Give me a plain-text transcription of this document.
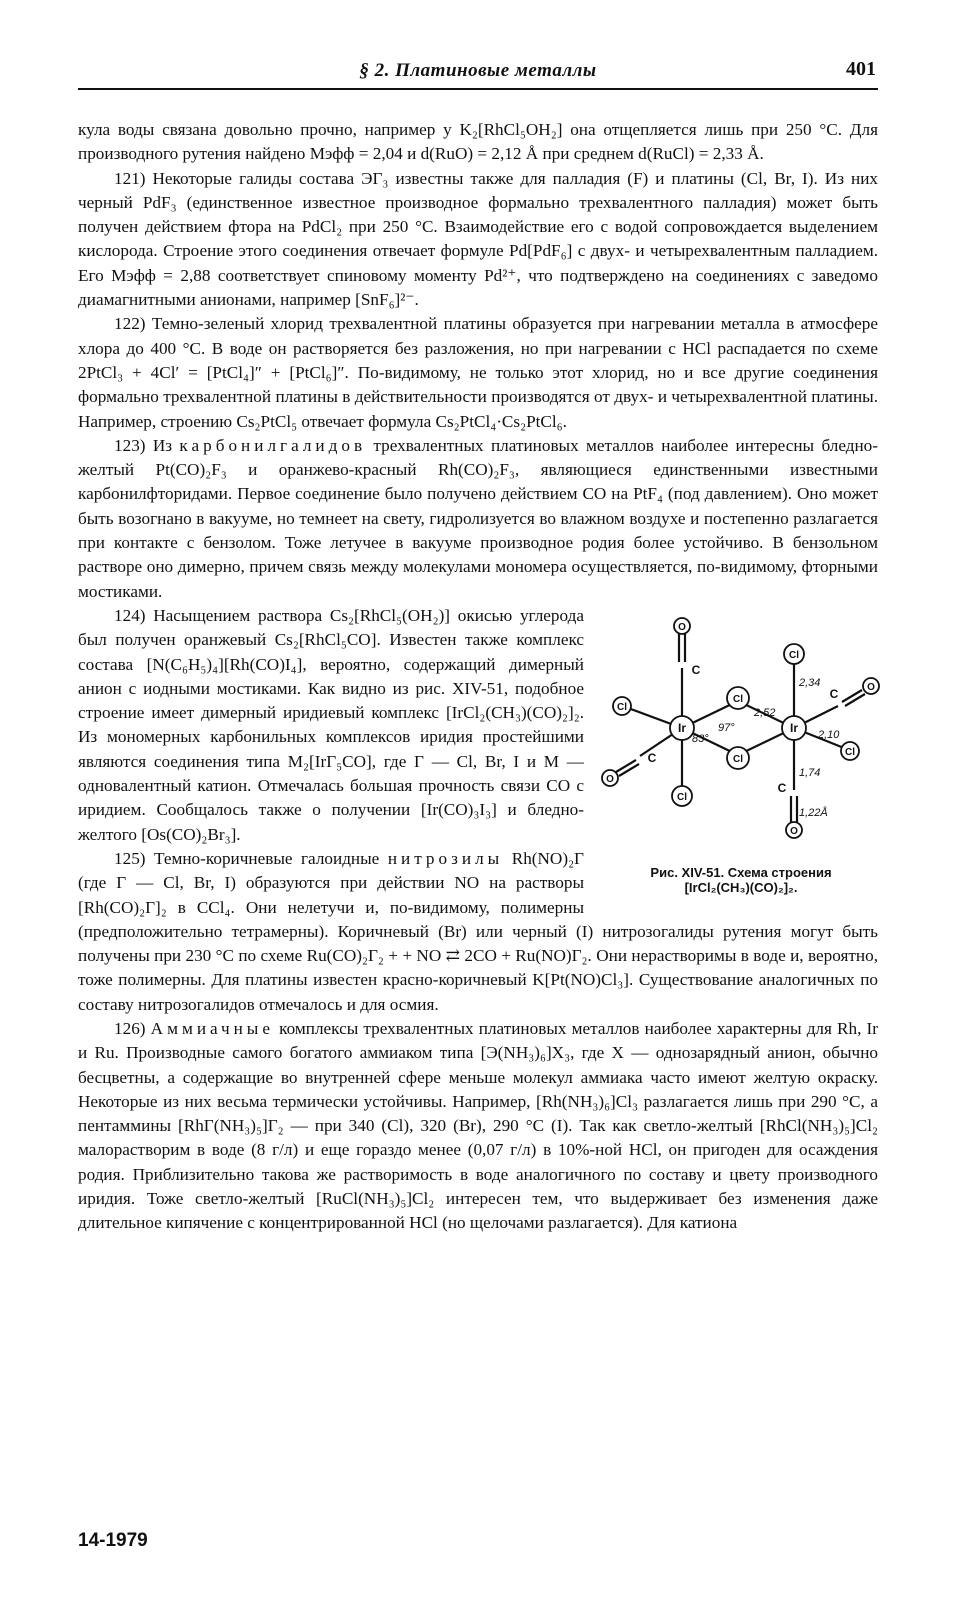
§ 2. Платиновые металлы	401

кула воды связана довольно прочно, например у K₂[RhCl₅OH₂] она отщепляется лишь при 250 °C. Для производного рутения найдено Mэфф = 2,04 и d(RuO) = 2,12 Å при среднем d(RuCl) = 2,33 Å.

121) Некоторые галиды состава ЭГ₃ известны также для палладия (F) и платины (Cl, Br, I). Из них черный PdF₃ (единственное известное производное формально трехвалентного палладия) может быть получен действием фтора на PdCl₂ при 250 °C. Взаимодействие его с водой сопровождается выделением кислорода. Строение этого соединения отвечает формуле Pd[PdF₆] с двух- и четырехвалентным палладием. Его Mэфф = 2,88 соответствует спиновому моменту Pd²⁺, что подтверждено на соединениях с заведомо диамагнитными анионами, например [SnF₆]²⁻.

122) Темно-зеленый хлорид трехвалентной платины образуется при нагревании металла в атмосфере хлора до 400 °C. В воде он растворяется без разложения, но при нагревании с HCl распадается по схеме 2PtCl₃ + 4Cl′ = [PtCl₄]″ + [PtCl₆]″. По-видимому, не только этот хлорид, но и все другие соединения формально трехвалентной платины в действительности производятся от двух- и четырехвалентной платины. Например, строению Cs₂PtCl₅ отвечает формула Cs₂PtCl₄·Cs₂PtCl₆.

123) Из карбонилгалидов трехвалентных платиновых металлов наиболее интересны бледно-желтый Pt(CO)₂F₃ и оранжево-красный Rh(CO)₂F₃, являющиеся единственными известными карбонилфторидами. Первое соединение было получено действием CO на PtF₄ (под давлением). Оно может быть возогнано в вакууме, но темнеет на свету, гидролизуется во влажном воздухе и постепенно разлагается при контакте с бензолом. Тоже летучее в вакууме производное родия более устойчиво. В бензольном растворе оно димерно, причем связь между молекулами мономера осуществляется, по-видимому, фторными мостиками.

Ir	Ir
O
Cl
Cl
O
Cl
Cl
Cl
O
Cl
O
C
C
C
C
2,52
2,34
2,10
1,74
1,22Å
83°
97°
Рис. XIV-51. Схема строения
[IrCl₂(CH₃)(CO)₂]₂.

124) Насыщением раствора Cs₂[RhCl₅(OH₂)] окисью углерода был получен оранжевый Cs₂[RhCl₅CO]. Известен также комплекс состава [N(C₆H₅)₄][Rh(CO)I₄], вероятно, содержащий димерный анион с иодными мостиками. Как видно из рис. XIV-51, подобное строение имеет димерный иридиевый комплекс [IrCl₂(CH₃)(CO)₂]₂. Из мономерных карбонильных комплексов иридия простейшими являются соединения типа M₂[IrГ₅CO], где Г — Cl, Br, I и M — одновалентный катион. Отмечалась большая прочность связи CO с иридием. Сообщалось также о получении [Ir(CO)₃I₃] и бледно-желтого [Os(CO)₂Br₃].

125) Темно-коричневые галоидные нитрозилы Rh(NO)₂Г (где Г — Cl, Br, I) образуются при действии NO на растворы [Rh(CO)₂Г]₂ в CCl₄. Они нелетучи и, по-видимому, полимерны (предположительно тетрамерны). Коричневый (Br) или черный (I) нитрозогалиды рутения могут быть получены при 230 °C по схеме Ru(CO)₂Г₂ + + NO ⇄ 2CO + Ru(NO)Г₂. Они нерастворимы в воде и, вероятно, тоже полимерны. Для платины известен красно-коричневый K[Pt(NO)Cl₃]. Существование аналогичных по составу нитрозогалидов отмечалось и для осмия.

126) Аммиачные комплексы трехвалентных платиновых металлов наиболее характерны для Rh, Ir и Ru. Производные самого богатого аммиаком типа [Э(NH₃)₆]X₃, где X — однозарядный анион, обычно бесцветны, а содержащие во внутренней сфере меньше молекул аммиака часто имеют желтую окраску. Некоторые из них весьма термически устойчивы. Например, [Rh(NH₃)₆]Cl₃ разлагается лишь при 290 °C, а пентаммины [RhГ(NH₃)₅]Г₂ — при 340 (Cl), 320 (Br), 290 °C (I). Так как светло-желтый [RhCl(NH₃)₅]Cl₂ малорастворим в воде (8 г/л) и еще гораздо менее (0,07 г/л) в 10%-ной HCl, он пригоден для осаждения родия. Приблизительно такова же растворимость в воде аналогичного по составу и цвету производного иридия. Тоже светло-желтый [RuCl(NH₃)₅]Cl₂ интересен тем, что выдерживает без изменения даже длительное кипячение с концентрированной HCl (но щелочами разлагается). Для катиона

14-1979
